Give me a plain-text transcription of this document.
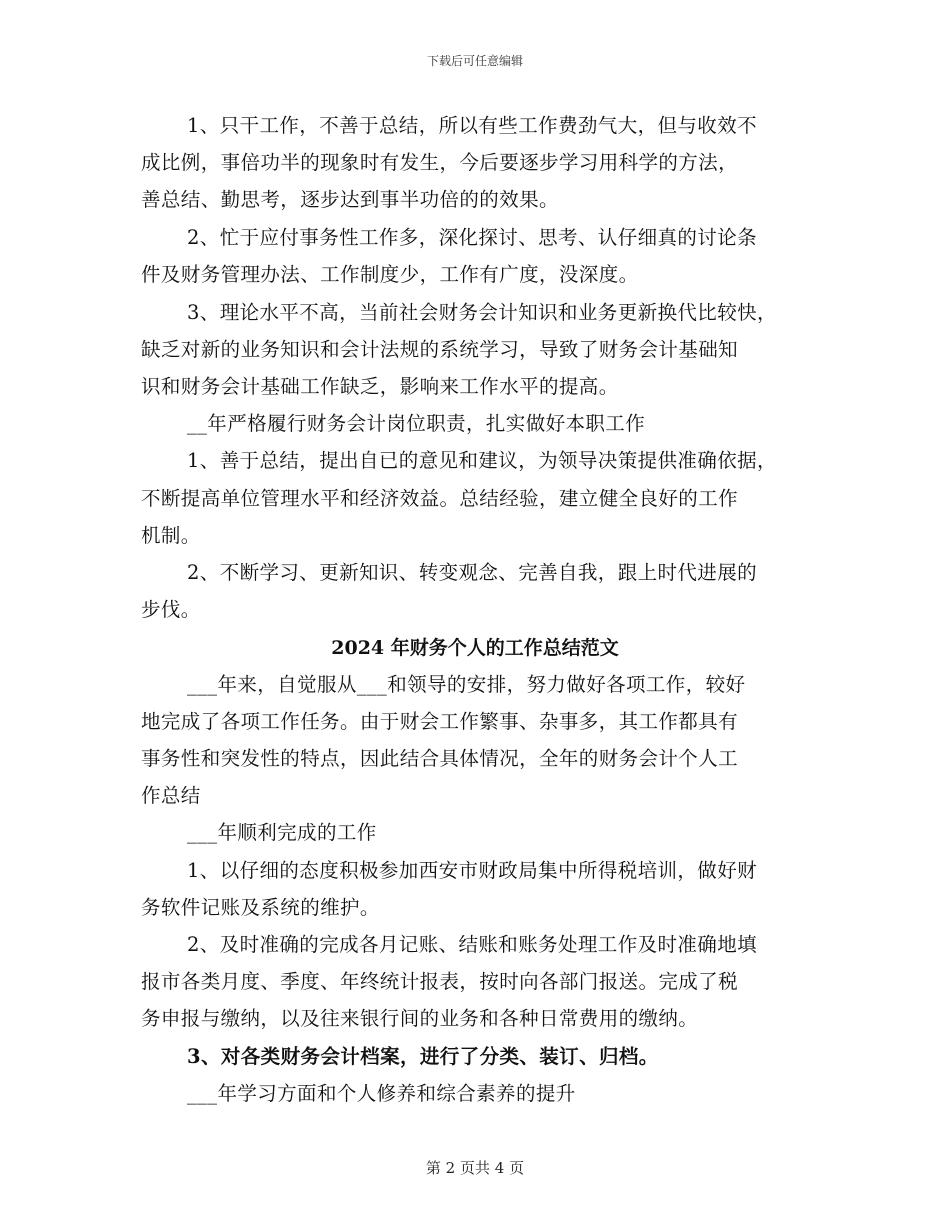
下载后可任意编辑
1、只干工作，不善于总结，所以有些工作费劲气大，但与收效不
成比例，事倍功半的现象时有发生，今后要逐步学习用科学的方法，
善总结、勤思考，逐步达到事半功倍的的效果。
2、忙于应付事务性工作多，深化探讨、思考、认仔细真的讨论条
件及财务管理办法、工作制度少，工作有广度，没深度。
3、理论水平不高，当前社会财务会计知识和业务更新换代比较快，
缺乏对新的业务知识和会计法规的系统学习，导致了财务会计基础知
识和财务会计基础工作缺乏，影响来工作水平的提高。
__年严格履行财务会计岗位职责，扎实做好本职工作
1、善于总结，提出自已的意见和建议，为领导决策提供准确依据，
不断提高单位管理水平和经济效益。总结经验，建立健全良好的工作
机制。
2、不断学习、更新知识、转变观念、完善自我，跟上时代进展的
步伐。
2024 年财务个人的工作总结范文
___年来，自觉服从___和领导的安排，努力做好各项工作，较好
地完成了各项工作任务。由于财会工作繁事、杂事多，其工作都具有
事务性和突发性的特点，因此结合具体情况，全年的财务会计个人工
作总结
___年顺利完成的工作
1、以仔细的态度积极参加西安市财政局集中所得税培训，做好财
务软件记账及系统的维护。
2、及时准确的完成各月记账、结账和账务处理工作及时准确地填
报市各类月度、季度、年终统计报表，按时向各部门报送。完成了税
务申报与缴纳，以及往来银行间的业务和各种日常费用的缴纳。
3、对各类财务会计档案，进行了分类、装订、归档。
___年学习方面和个人修养和综合素养的提升
第 2 页共 4 页
